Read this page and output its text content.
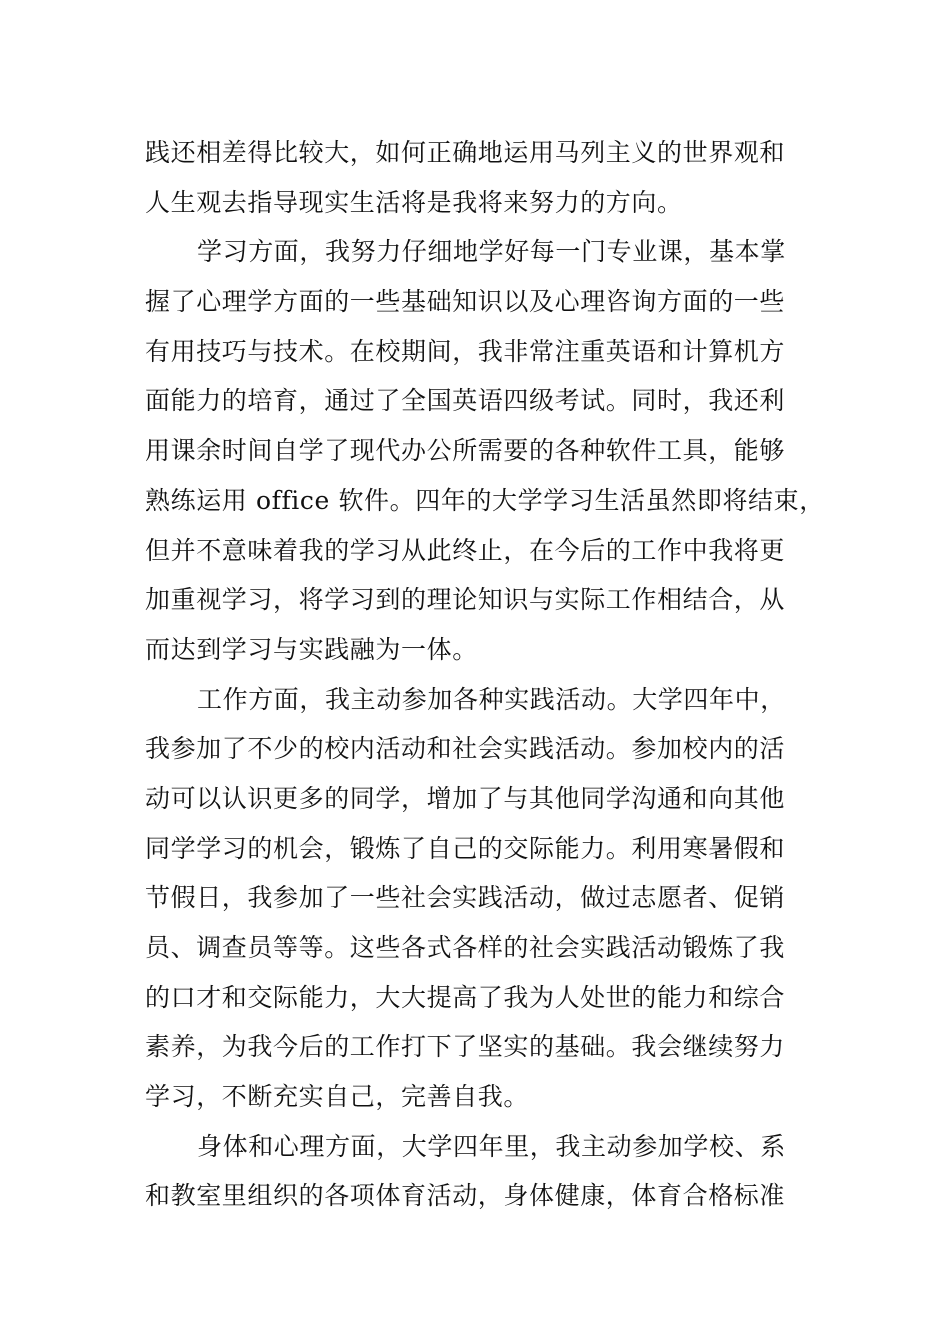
践还相差得比较大，如何正确地运用马列主义的世界观和
人生观去指导现实生活将是我将来努力的方向。
学习方面，我努力仔细地学好每一门专业课，基本掌
握了心理学方面的一些基础知识以及心理咨询方面的一些
有用技巧与技术。在校期间，我非常注重英语和计算机方
面能力的培育，通过了全国英语四级考试。同时，我还利
用课余时间自学了现代办公所需要的各种软件工具，能够
熟练运用 office 软件。四年的大学学习生活虽然即将结束，
但并不意味着我的学习从此终止，在今后的工作中我将更
加重视学习，将学习到的理论知识与实际工作相结合，从
而达到学习与实践融为一体。
工作方面，我主动参加各种实践活动。大学四年中，
我参加了不少的校内活动和社会实践活动。参加校内的活
动可以认识更多的同学，增加了与其他同学沟通和向其他
同学学习的机会，锻炼了自己的交际能力。利用寒暑假和
节假日，我参加了一些社会实践活动，做过志愿者、促销
员、调查员等等。这些各式各样的社会实践活动锻炼了我
的口才和交际能力，大大提高了我为人处世的能力和综合
素养，为我今后的工作打下了坚实的基础。我会继续努力
学习，不断充实自己，完善自我。
身体和心理方面，大学四年里，我主动参加学校、系
和教室里组织的各项体育活动，身体健康，体育合格标准
